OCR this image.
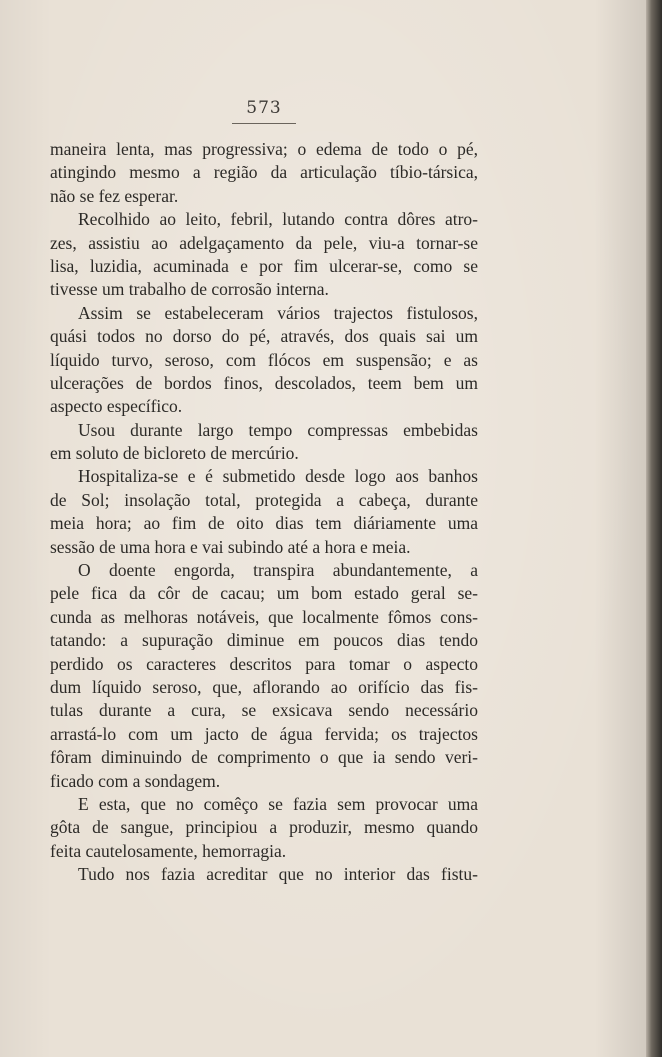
573
maneira lenta, mas progressiva; o edema de todo o pé,
atingindo mesmo a região da articulação tíbio-társica,
não se fez esperar.
Recolhido ao leito, febril, lutando contra dôres atro-
zes, assistiu ao adelgaçamento da pele, viu-a tornar-se
lisa, luzidia, acuminada e por fim ulcerar-se, como se
tivesse um trabalho de corrosão interna.
Assim se estabeleceram vários trajectos fistulosos,
quási todos no dorso do pé, através, dos quais sai um
líquido turvo, seroso, com flócos em suspensão; e as
ulcerações de bordos finos, descolados, teem bem um
aspecto específico.
Usou durante largo tempo compressas embebidas
em soluto de bicloreto de mercúrio.
Hospitaliza-se e é submetido desde logo aos banhos
de Sol; insolação total, protegida a cabeça, durante
meia hora; ao fim de oito dias tem diáriamente uma
sessão de uma hora e vai subindo até a hora e meia.
O doente engorda, transpira abundantemente, a
pele fica da côr de cacau; um bom estado geral se-
cunda as melhoras notáveis, que localmente fômos cons-
tatando: a supuração diminue em poucos dias tendo
perdido os caracteres descritos para tomar o aspecto
dum líquido seroso, que, aflorando ao orifício das fis-
tulas durante a cura, se exsicava sendo necessário
arrastá-lo com um jacto de água fervida; os trajectos
fôram diminuindo de comprimento o que ia sendo veri-
ficado com a sondagem.
E esta, que no comêço se fazia sem provocar uma
gôta de sangue, principiou a produzir, mesmo quando
feita cautelosamente, hemorragia.
Tudo nos fazia acreditar que no interior das fistu-
